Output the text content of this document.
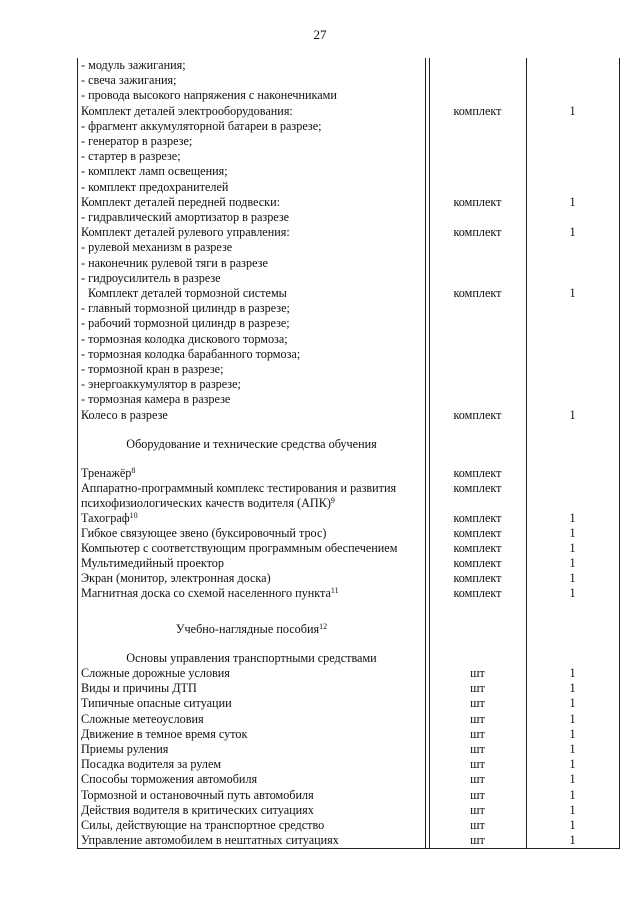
27
- модуль зажигания;
- свеча зажигания;
- провода высокого напряжения с наконечниками
Комплект деталей электрооборудования:	комплект	1
- фрагмент аккумуляторной батареи в разрезе;
- генератор в разрезе;
- стартер в разрезе;
- комплект ламп освещения;
- комплект предохранителей
Комплект деталей передней подвески:	комплект	1
- гидравлический амортизатор в разрезе
Комплект деталей рулевого управления:	комплект	1
- рулевой механизм в разрезе
- наконечник рулевой тяги в разрезе
- гидроусилитель в разрезе
Комплект деталей тормозной системы	комплект	1
- главный тормозной цилиндр в разрезе;
- рабочий тормозной цилиндр в разрезе;
- тормозная колодка дискового тормоза;
- тормозная колодка барабанного тормоза;
- тормозной кран в разрезе;
- энергоаккумулятор в разрезе;
- тормозная камера в разрезе
Колесо в разрезе	комплект	1
Оборудование и технические средства обучения
Тренажёр$^8$	комплект
Аппаратно-программный комплекс тестирования и развития	комплект
психофизиологических качеств водителя (АПК)$^9$
Тахограф$^{10}$	комплект	1
Гибкое связующее звено (буксировочный трос)	комплект	1
Компьютер с соответствующим программным обеспечением	комплект	1
Мультимедийный проектор	комплект	1
Экран (монитор, электронная доска)	комплект	1
Магнитная доска со схемой населенного пункта$^{11}$	комплект	1
Учебно-наглядные пособия$^{12}$
Основы управления транспортными средствами
Сложные дорожные условия	шт	1
Виды и причины ДТП	шт	1
Типичные опасные ситуации	шт	1
Сложные метеоусловия	шт	1
Движение в темное время суток	шт	1
Приемы руления	шт	1
Посадка водителя за рулем	шт	1
Способы торможения автомобиля	шт	1
Тормозной и остановочный путь автомобиля	шт	1
Действия водителя в критических ситуациях	шт	1
Силы, действующие на транспортное средство	шт	1
Управление автомобилем в нештатных ситуациях	шт	1
